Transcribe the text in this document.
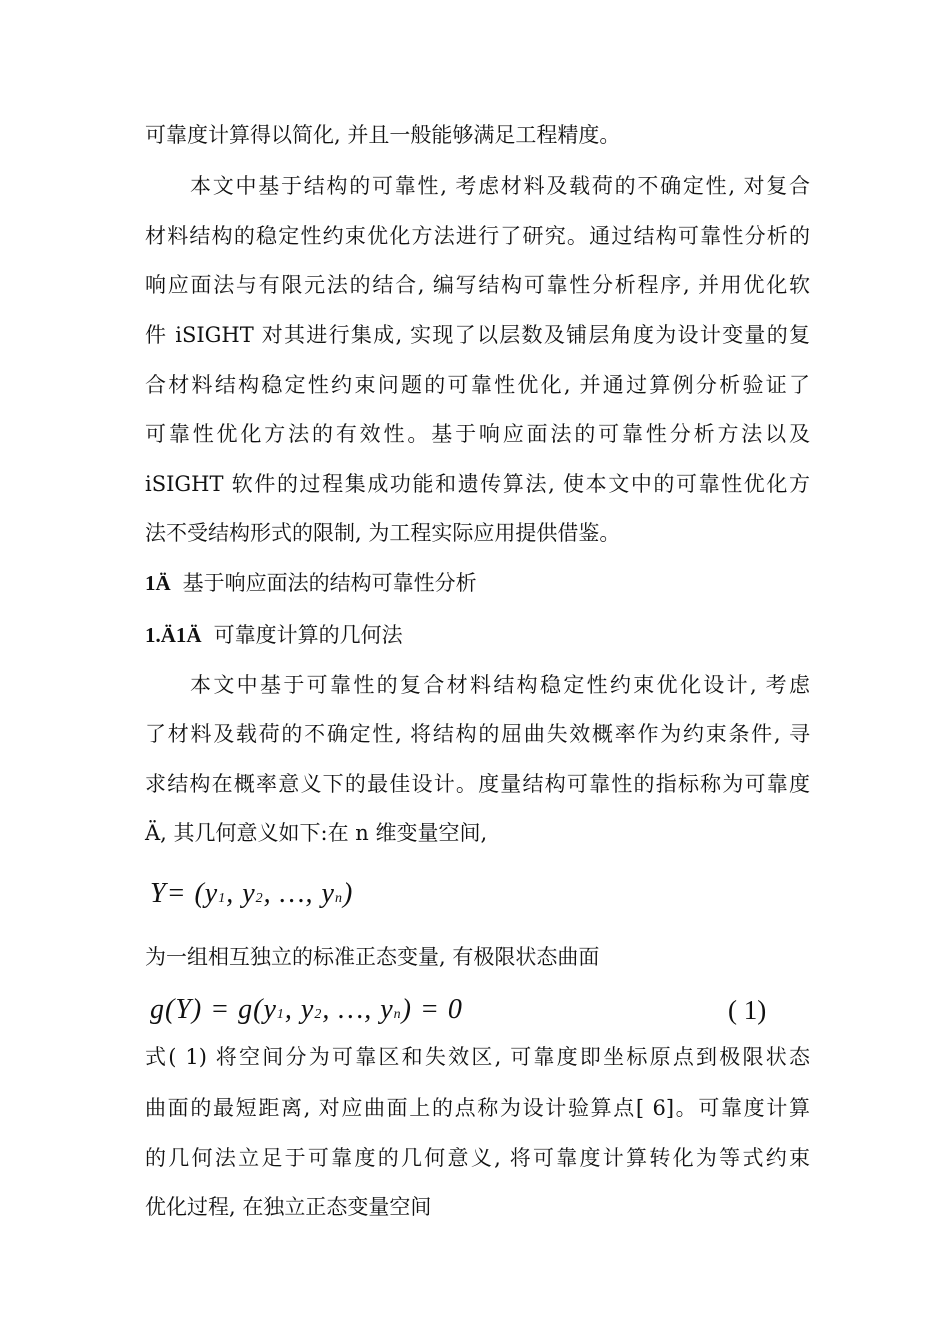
可靠度计算得以简化, 并且一般能够满足工程精度。
本文中基于结构的可靠性, 考虑材料及载荷的不确定性, 对复合
材料结构的稳定性约束优化方法进行了研究。通过结构可靠性分析的
响应面法与有限元法的结合, 编写结构可靠性分析程序, 并用优化软
件 iSIGHT 对其进行集成, 实现了以层数及铺层角度为设计变量的复
合材料结构稳定性约束问题的可靠性优化, 并通过算例分析验证了
可靠性优化方法的有效性。基于响应面法的可靠性分析方法以及
iSIGHT 软件的过程集成功能和遗传算法, 使本文中的可靠性优化方
法不受结构形式的限制, 为工程实际应用提供借鉴。
1Ä 基于响应面法的结构可靠性分析
1.Ä1Ä 可靠度计算的几何法
本文中基于可靠性的复合材料结构稳定性约束优化设计, 考虑
了材料及载荷的不确定性, 将结构的屈曲失效概率作为约束条件, 寻
求结构在概率意义下的最佳设计。度量结构可靠性的指标称为可靠度
Ä, 其几何意义如下:在 n 维变量空间,
Y= (y1, y2, …, yn)
为一组相互独立的标准正态变量, 有极限状态曲面
g(Y) = g(y1, y2, …, yn) = 0	( 1)
式( 1) 将空间分为可靠区和失效区, 可靠度即坐标原点到极限状态
曲面的最短距离, 对应曲面上的点称为设计验算点[ 6]。可靠度计算
的几何法立足于可靠度的几何意义, 将可靠度计算转化为等式约束
优化过程, 在独立正态变量空间
